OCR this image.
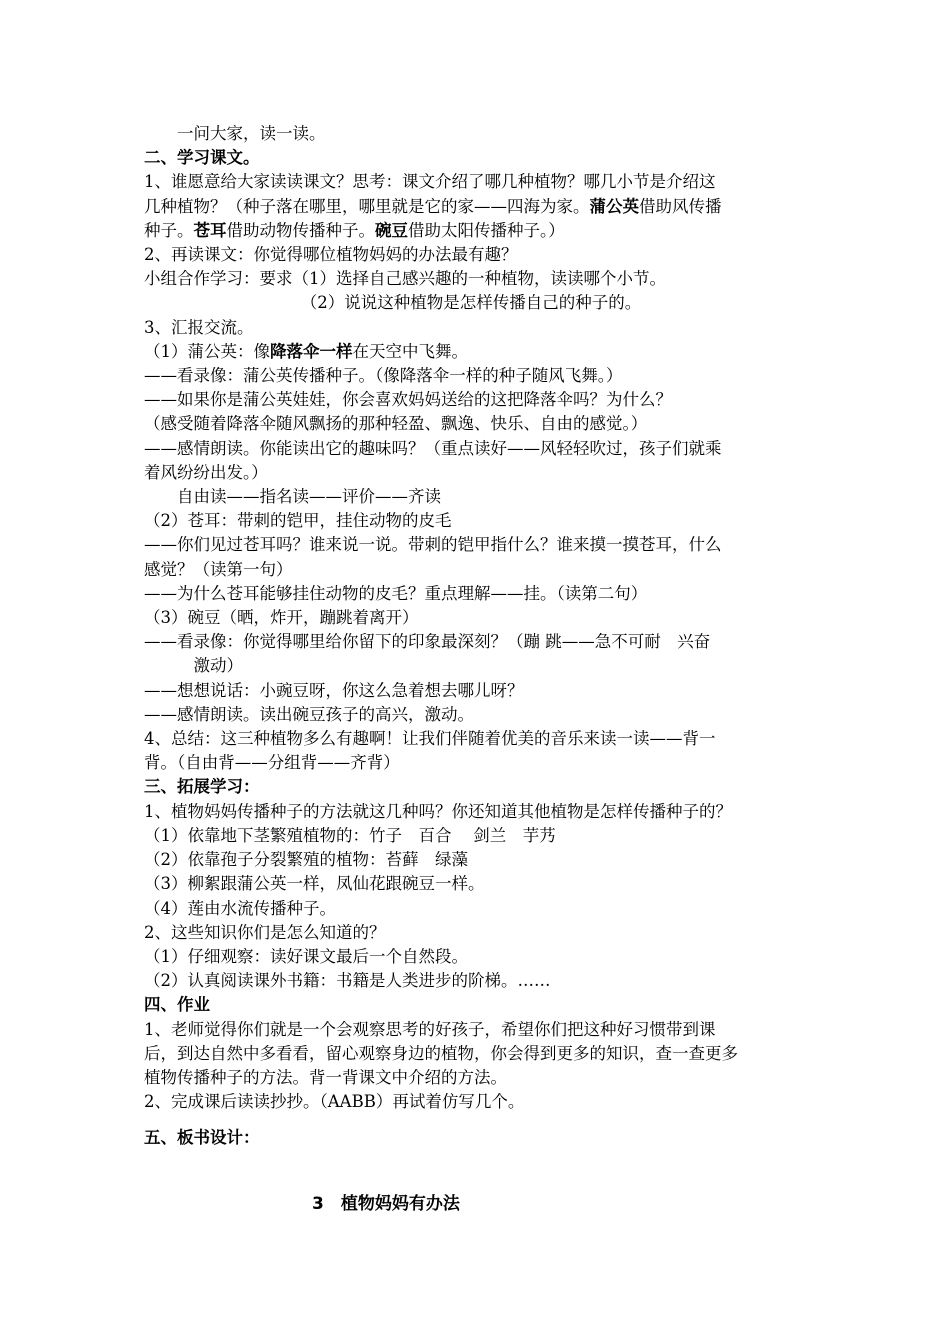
　　一问大家，读一读。
二、学习课文。
1、谁愿意给大家读读课文？思考：课文介绍了哪几种植物？哪几小节是介绍这
几种植物？（种子落在哪里，哪里就是它的家——四海为家。蒲公英借助风传播
种子。苍耳借助动物传播种子。碗豆借助太阳传播种子。）
2、再读课文：你觉得哪位植物妈妈的办法最有趣？
小组合作学习：要求（1）选择自己感兴趣的一种植物，读读哪个小节。
　　　　　　　　　　（2）说说这种植物是怎样传播自己的种子的。
3、汇报交流。
（1）蒲公英：像降落伞一样在天空中飞舞。
——看录像：蒲公英传播种子。（像降落伞一样的种子随风飞舞。）
——如果你是蒲公英娃娃，你会喜欢妈妈送给的这把降落伞吗？为什么？
（感受随着降落伞随风飘扬的那种轻盈、飘逸、快乐、自由的感觉。）
——感情朗读。你能读出它的趣味吗？（重点读好——风轻轻吹过，孩子们就乘
着风纷纷出发。）
　　自由读——指名读——评价——齐读
（2）苍耳：带刺的铠甲，挂住动物的皮毛
——你们见过苍耳吗？谁来说一说。带刺的铠甲指什么？谁来摸一摸苍耳，什么
感觉？（读第一句）
——为什么苍耳能够挂住动物的皮毛？重点理解——挂。（读第二句）
（3）碗豆（晒，炸开，蹦跳着离开）
——看录像：你觉得哪里给你留下的印象最深刻？（蹦 跳——急不可耐　兴奋
　　　激动）
——想想说话：小豌豆呀，你这么急着想去哪儿呀？
——感情朗读。读出碗豆孩子的高兴，激动。
4、总结：这三种植物多么有趣啊！让我们伴随着优美的音乐来读一读——背一
背。（自由背——分组背——齐背）
三、拓展学习：
1、植物妈妈传播种子的方法就这几种吗？你还知道其他植物是怎样传播种子的？
（1）依靠地下茎繁殖植物的：竹子　百合　 剑兰　芋艿
（2）依靠孢子分裂繁殖的植物：苔藓　绿藻
（3）柳絮跟蒲公英一样，凤仙花跟碗豆一样。
（4）莲由水流传播种子。
2、这些知识你们是怎么知道的？
（1）仔细观察：读好课文最后一个自然段。
（2）认真阅读课外书籍：书籍是人类进步的阶梯。……
四、作业
1、老师觉得你们就是一个会观察思考的好孩子，希望你们把这种好习惯带到课
后，到达自然中多看看，留心观察身边的植物，你会得到更多的知识，查一查更多
植物传播种子的方法。背一背课文中介绍的方法。
2、完成课后读读抄抄。（AABB）再试着仿写几个。
五、板书设计：
3　植物妈妈有办法
